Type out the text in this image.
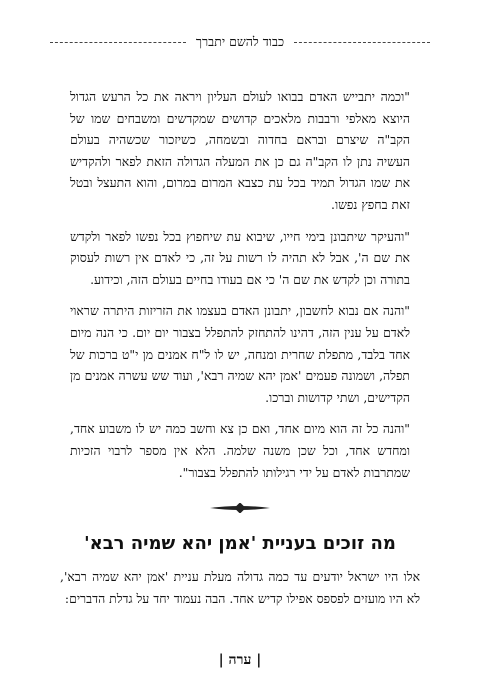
כבוד להשם יתברך

"וכמה יתבייש האדם בבואו לעולם העליון ויראה את כל הרעש הגדול היוצא מאלפי ורבבות מלאכים קדושים שמקדשים ומשבחים שמו של הקב"ה שיצרם ובראם בחדוה ובשמחה, כשיזכור שכשהיה בעולם העשיה נתן לו הקב"ה גם כן את המעלה הגדולה הזאת לפאר ולהקדיש את שמו הגדול תמיד בכל עת כצבא המרום במרום, והוא התעצל ובטל זאת בחפץ נפשו.

"והעיקר שיתבונן בימי חייו, שיבוא עת שיחפוץ בכל נפשו לפאר ולקדש את שם ה', אבל לא תהיה לו רשות על זה, כי לאדם אין רשות לעסוק בתורה וכן לקדש את שם ה' כי אם בעודו בחיים בעולם הזה, וכידוע.

"והנה אם נבוא לחשבון, יתבונן האדם בעצמו את הזריזות היתרה שראוי לאדם על ענין הזה, דהינו להתחזק להתפלל בצבור יום יום. כי הנה מיום אחד בלבד, מתפלת שחרית ומנחה, יש לו ל"ח אמנים מן י"ט ברכות של תפלה, ושמונה פעמים 'אמן יהא שמיה רבא', ועוד שש עשרה אמנים מן הקדישים, ושתי קדושות וברכו.

"והנה כל זה הוא מיום אחד, ואם כן צא וחשב כמה יש לו משבוע אחד, ומחדש אחד, וכל שכן משנה שלמה. הלא אין מספר לרבוי הזכיות שמתרבות לאדם על ידי רגילותו להתפלל בצבור".

מה זוכים בעניית 'אמן יהא שמיה רבא'

אלו היו ישראל יודעים עד כמה גדולה מעלת עניית 'אמן יהא שמיה רבא', לא היו מועזים לפספס אפילו קדיש אחד. הבה נעמוד יחד על גדלת הדברים:

| ערה |
